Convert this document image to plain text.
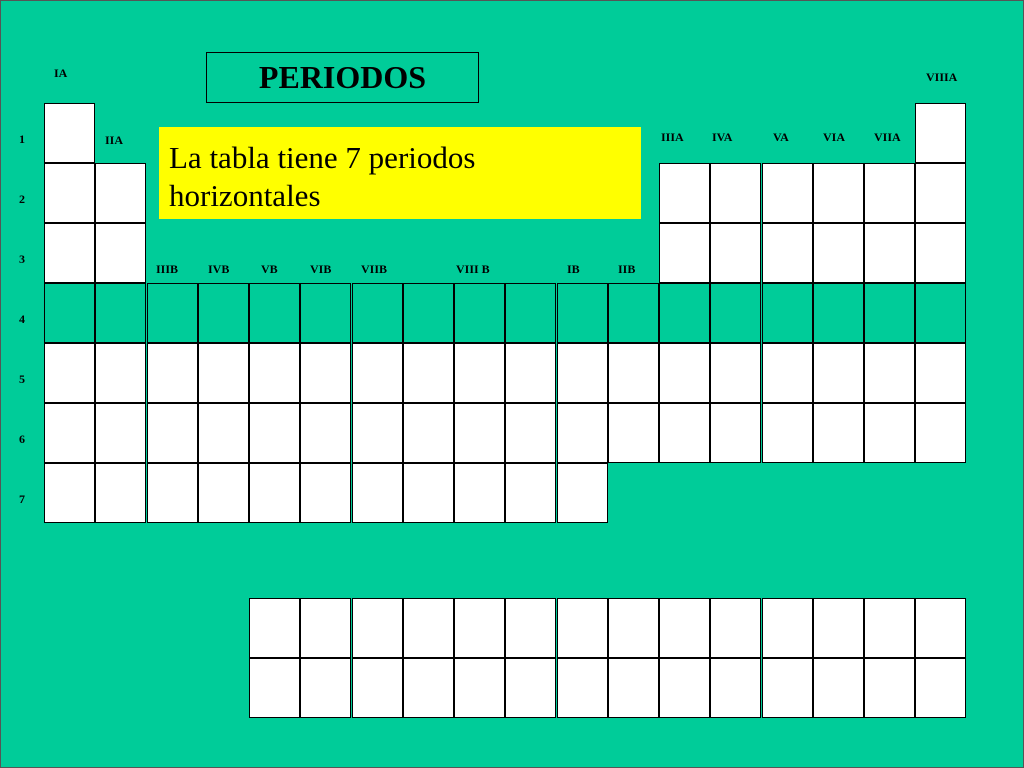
PERIODOS
IA
IIA
IIIB IVB	VB	VIB VIIB	VIII B	IB	IIB
IIIA IVA	VA	VIA VIIA
VIIIA
1
2
3
4
5
6
7
La tabla tiene 7 periodos horizontales
